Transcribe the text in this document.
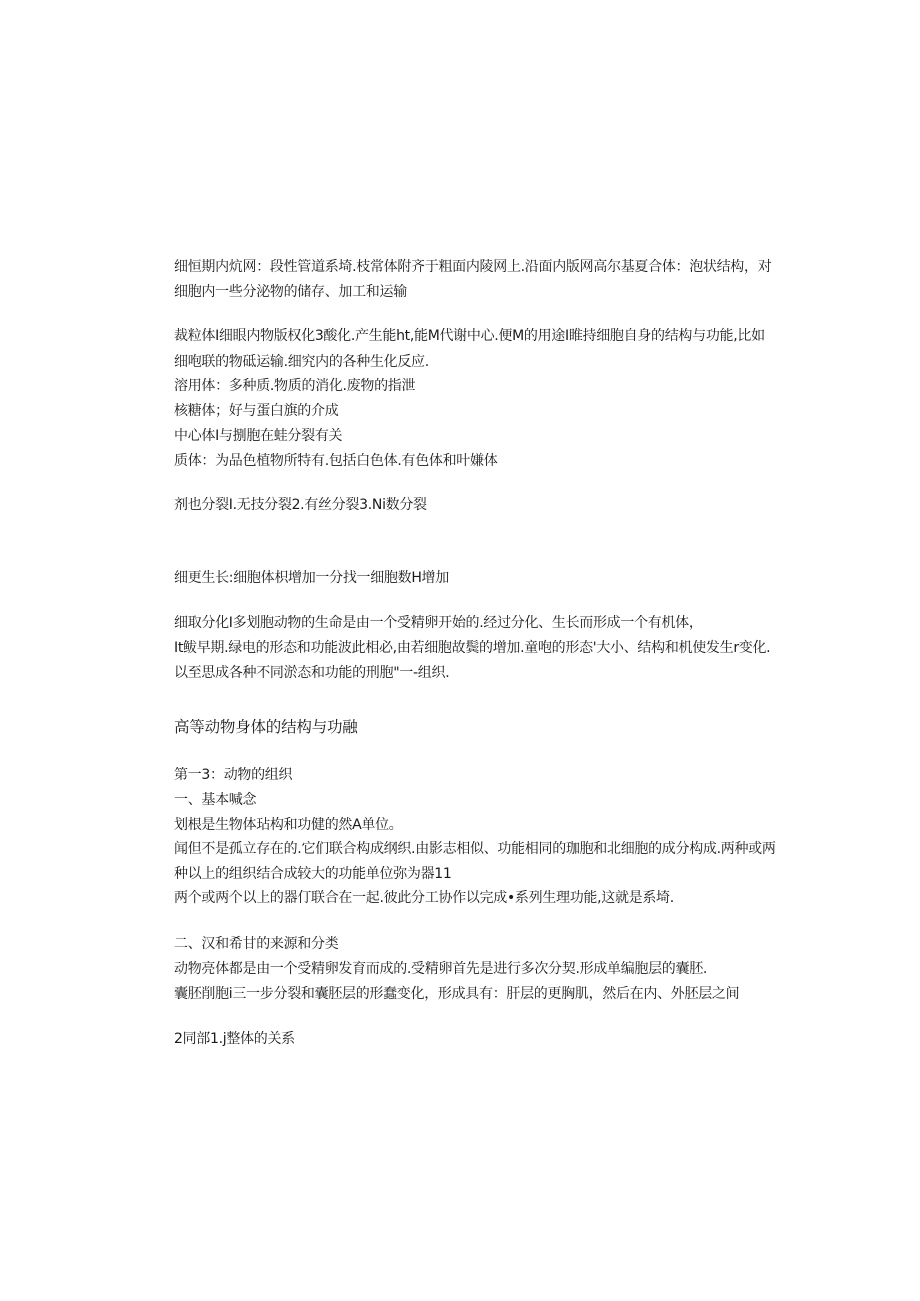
细恒期内炕网：段性管道系埼.枝常体附齐于粗面内陵网上.沿面内版网高尔基夏合体：泡状结构，对
细胞内一些分泌物的储存、加工和运输
裁粒体I细眼内物版权化3酸化.产生能ht,能M代谢中心.便M的用途I睢持细胞自身的结构与功能,比如
细咆联的物砥运输.细究内的各种生化反应.
溶用体：多种质.物质的消化.废物的指泄
核糖体；好与蛋白旗的介成
中心体I与捌胞在蛙分裂有关
质体：为品色植物所特有.包括白色体.有色体和叶嫌体
剂也分裂I.无技分裂2.有丝分裂3.Ni数分裂
细更生长:细胞体枳增加一分找一细胞数H增加
细取分化I多划胞动物的生命是由一个受精卵开始的.经过分化、生长而形成一个有机体，
It鲅早期.绿电的形态和功能波此相必,由若细胞故鬓的增加.童咆的形态'大小、结构和机使发生r变化.
以至思成各种不同淤态和功能的刑胞"一-组织.
高等动物身体的结构与功融
第一3：动物的组织
一、基本喊念
划根是生物体玷构和功健的然A单位。
闻但不是孤立存在的.它们联合构成纲织.由影志相似、功能相同的珈胞和北细胞的成分构成.两种或两
种以上的组织结合成较大的功能单位弥为器11
两个或两个以上的器仃联合在一起.彼此分工协作以完成•系列生理功能,这就是系埼.
二、汉和希甘的来源和分类
动物亮体都是由一个受精卵发育而成的.受精卵首先是进行多次分契.形成单编胞层的囊胚.
囊胚削胞i三一步分裂和囊胚层的形蠢变化，形成具有：肝层的更胸肌，然后在内、外胚层之间
2同部1.j整体的关系
